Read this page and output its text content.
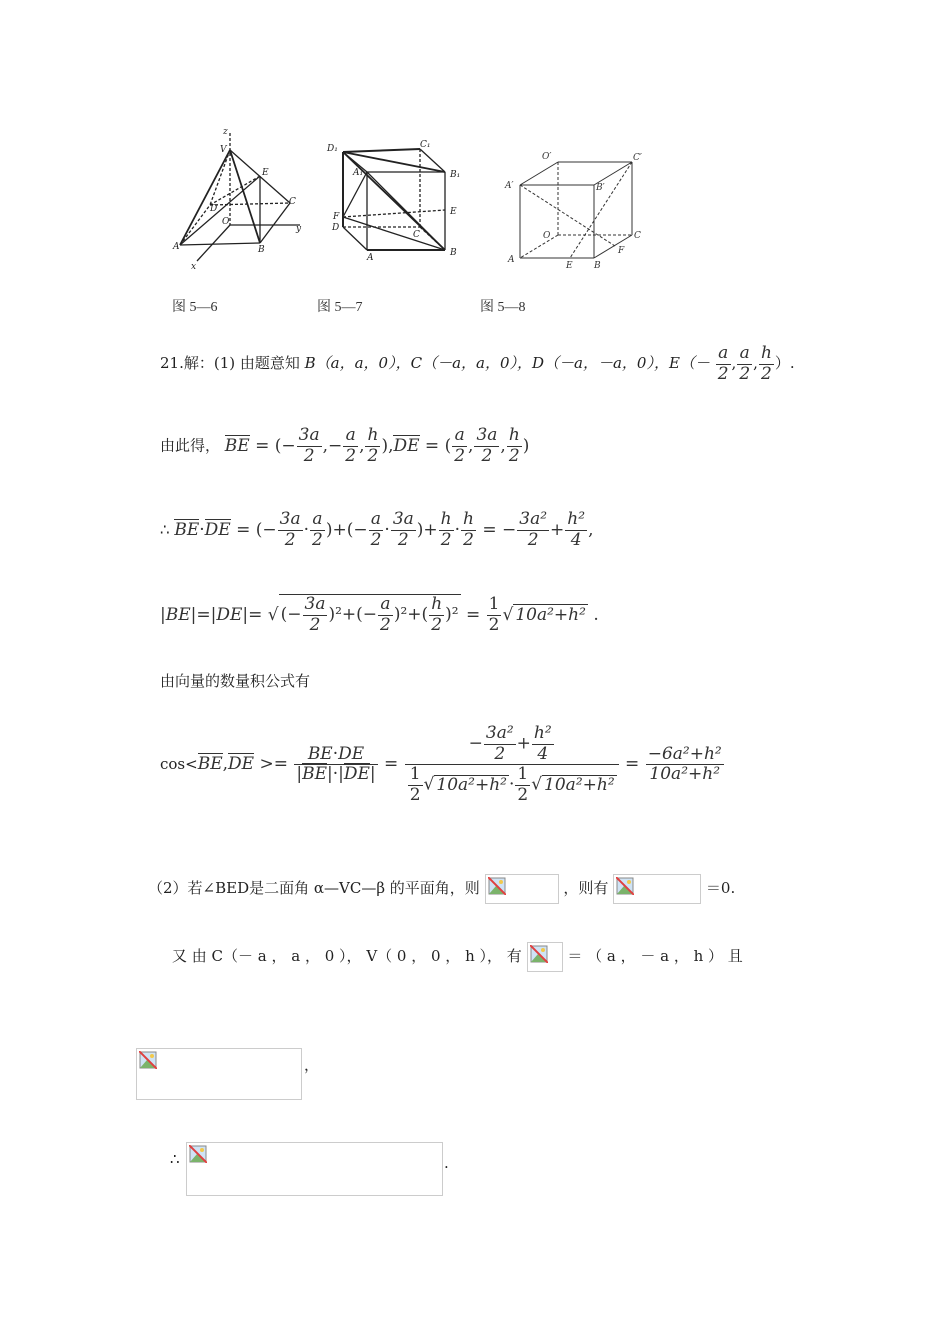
z
V
E
D
O
C
y
A	B
x
D₁	C₁
A₁	B₁
E
F
D
C
A	B
O′	C′
A′	B′
O	C
F
A
E B
图 5—6	图 5—7	图 5—8
21.解：(1) 由题意知 B（a，a，0），C（－a，a，0），D（－a，－a，0），$E(- \frac{a}{2}$ , $\frac{a}{2}$ , $\frac{h}{2}$ ）.
由此得， BE = (− $\frac{3a}{2}$ ,− $\frac{a}{2}$ , $\frac{h}{2} ),DE$ = ( $\frac{a}{2}$ , $\frac{3a}{2}$ , $\frac{h}{2}$ )
∴ BE·DE = (− $\frac{3a}{2} \cdot \frac{a}{2}$ )+(− $\frac{a}{2} \cdot \frac{3a}{2}$ )+ $\frac{h}{2} \cdot \frac{h}{2}$ = − $\frac{\text{3a²}}{2} + \frac{\text{h²}}{4}$ ,
|BE|=|DE|= √ (− $\frac{3a}{2} )^2+(- \frac{a}{2} )^2+( \frac{h}{2} )^2 = \frac{1}{2}$ √ 10a²+h² .
由向量的数量积公式有
$\cos<BE,DE >= \frac{BE\cdot DE}{|BE|\cdot|DE|} = \frac{- \frac{\text{3a²}}{2} + \frac{\text{h²}}{4}}{\frac{1}{2} √ 10a^2+h^2 \cdot \frac{1}{2} √ 10a^2+h^2} = \frac{\text{−6a²+h²}}{\text{10a²+h²}}$
（2）若∠BED是二面角 α—VC—β 的平面角，则	，则有	＝0.
又 由 C（－ a ， a ， 0 ）， V（ 0 ， 0 ， h ）， 有	＝ （ a ， － a ， h ） 且
，
∴	.
